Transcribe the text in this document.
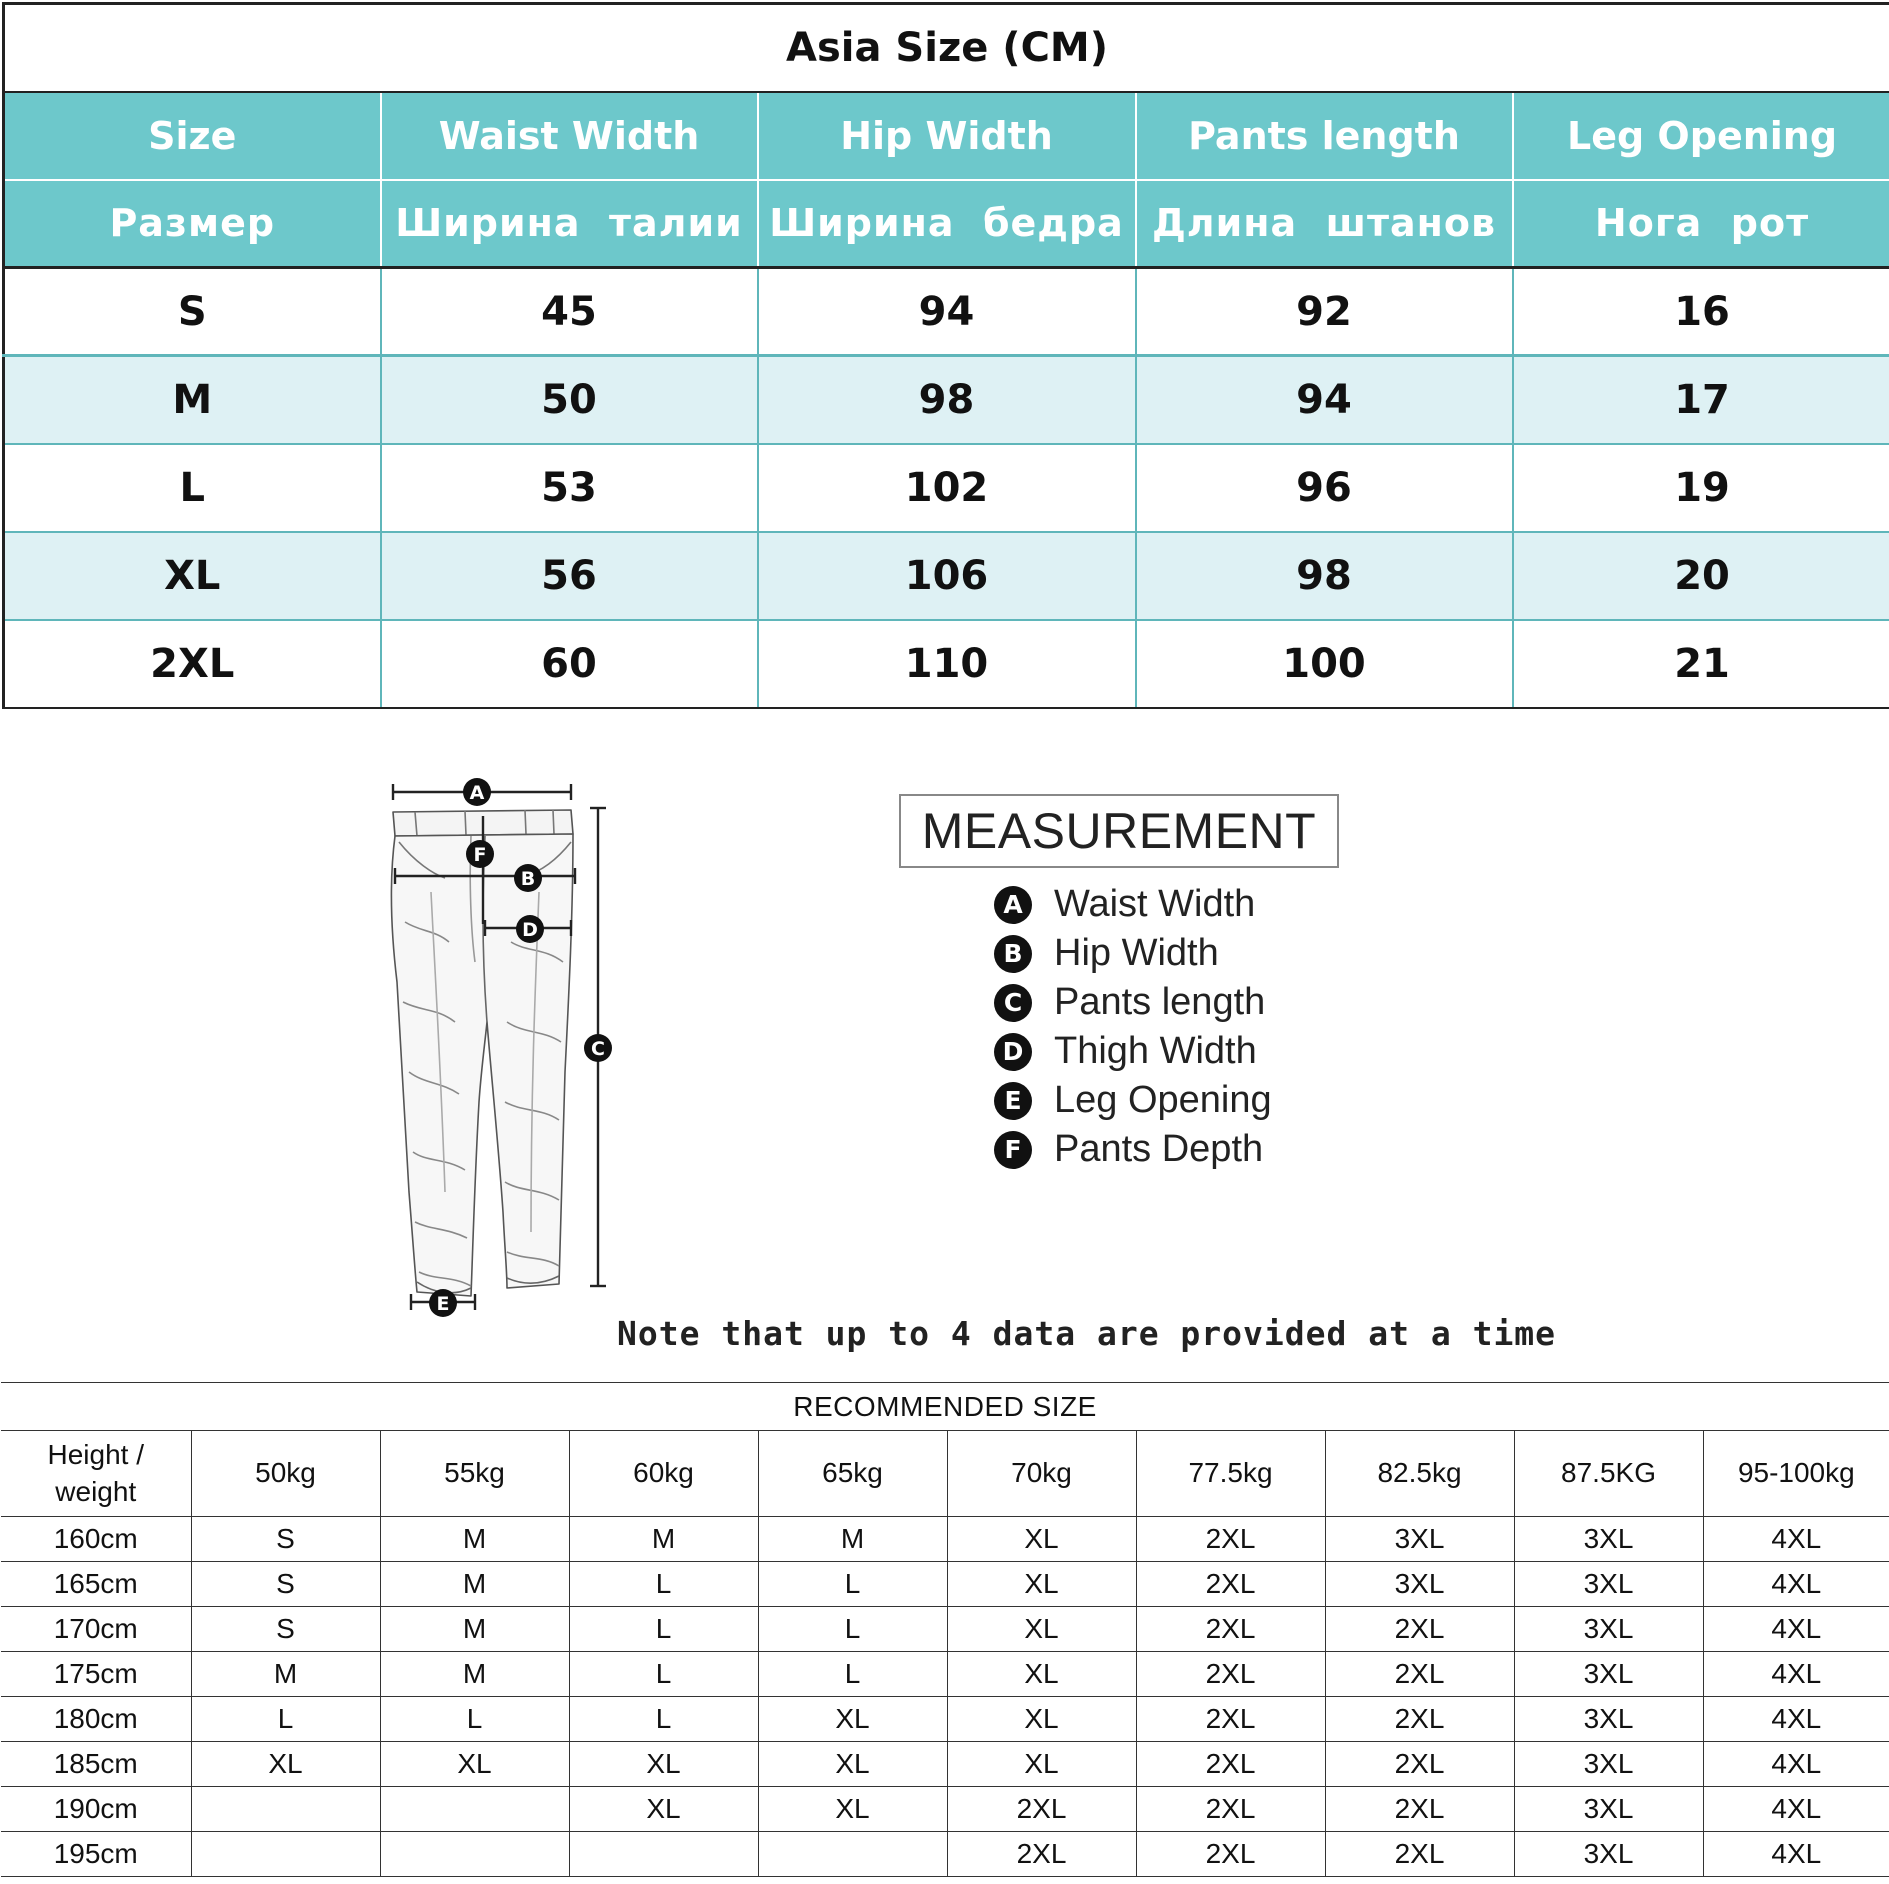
Asia Size (CM)				
Size	Waist Width	Hip Width	Pants length	Leg Opening
Размер	Ширина  талии	Ширина  бедра	Длина  штанов	Нога  рот
S	45	94	92	16
M	50	98	94	17
L	53	102	96	19
XL	56	106	98	20
2XL	60	110	100	21
A
F
B
D
C
E
MEASUREMENT
A Waist Width
B Hip Width
C Pants length
D Thigh Width
E Leg Opening
F Pants Depth
Note that up to 4 data are provided at a time
RECOMMENDED SIZE									
Height /
weight	50kg	55kg	60kg	65kg	70kg	77.5kg	82.5kg	87.5KG	95-100kg
160cm	S	M	M	M	XL	2XL	3XL	3XL	4XL
165cm	S	M	L	L	XL	2XL	3XL	3XL	4XL
170cm	S	M	L	L	XL	2XL	2XL	3XL	4XL
175cm	M	M	L	L	XL	2XL	2XL	3XL	4XL
180cm	L	L	L	XL	XL	2XL	2XL	3XL	4XL
185cm	XL	XL	XL	XL	XL	2XL	2XL	3XL	4XL
190cm			XL	XL	2XL	2XL	2XL	3XL	4XL
195cm					2XL	2XL	2XL	3XL	4XL
